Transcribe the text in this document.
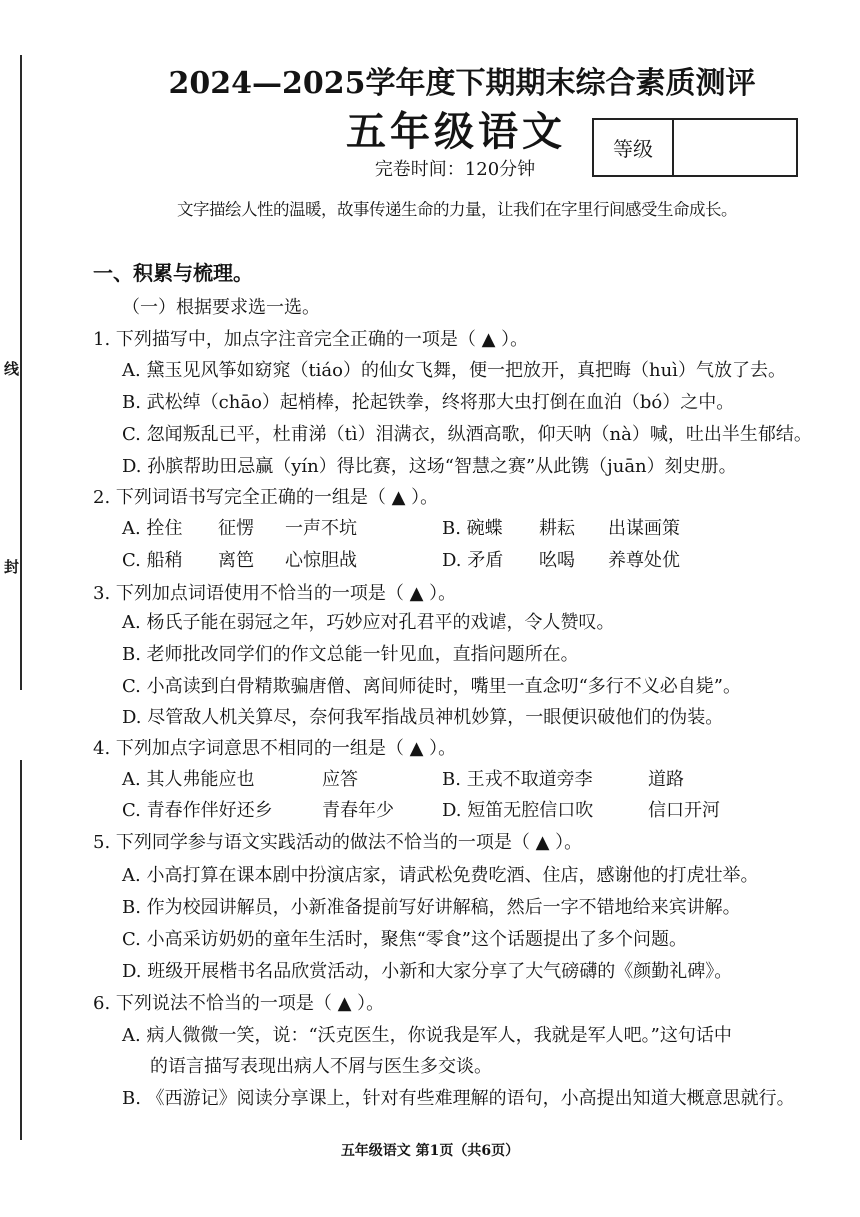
线
封
2024—2025学年度下期期末综合素质测评
五年级语文
完卷时间：120分钟
等级
文字描绘人性的温暖，故事传递生命的力量，让我们在字里行间感受生命成长。
一、积累与梳理。
（一）根据要求选一选。
1. 下列描写中，加点字注音完全正确的一项是（ ▲ ）。
A. 黛玉见风筝如窈窕（tiáo）的仙女飞舞，便一把放开，真把晦（huì）气放了去。
B. 武松绰（chāo）起梢棒，抡起铁拳，终将那大虫打倒在血泊（bó）之中。
C. 忽闻叛乱已平，杜甫涕（tì）泪满衣，纵酒高歌，仰天呐（nà）喊，吐出半生郁结。
D. 孙膑帮助田忌赢（yín）得比赛，这场“智慧之赛”从此镌（juān）刻史册。
2. 下列词语书写完全正确的一组是（ ▲ ）。
A. 拴住 征愣 一声不坑	B. 碗蝶 耕耘 出谋画策
C. 船稍 离笆 心惊胆战	D. 矛盾 吆喝 养尊处优
3. 下列加点词语使用不恰当的一项是（ ▲ ）。
A. 杨氏子能在弱冠之年，巧妙应对孔君平的戏谑，令人赞叹。
B. 老师批改同学们的作文总能一针见血，直指问题所在。
C. 小高读到白骨精欺骗唐僧、离间师徒时，嘴里一直念叨“多行不义必自毙”。
D. 尽管敌人机关算尽，奈何我军指战员神机妙算，一眼便识破他们的伪装。
4. 下列加点字词意思不相同的一组是（ ▲ ）。
A. 其人弗能应也	应答	B. 王戎不取道旁李	道路
C. 青春作伴好还乡	青春年少	D. 短笛无腔信口吹	信口开河
5. 下列同学参与语文实践活动的做法不恰当的一项是（ ▲ ）。
A. 小高打算在课本剧中扮演店家，请武松免费吃酒、住店，感谢他的打虎壮举。
B. 作为校园讲解员，小新准备提前写好讲解稿，然后一字不错地给来宾讲解。
C. 小高采访奶奶的童年生活时，聚焦“零食”这个话题提出了多个问题。
D. 班级开展楷书名品欣赏活动，小新和大家分享了大气磅礴的《颜勤礼碑》。
6. 下列说法不恰当的一项是（ ▲ ）。
A. 病人微微一笑，说：“沃克医生，你说我是军人，我就是军人吧。”这句话中
的语言描写表现出病人不屑与医生多交谈。
B. 《西游记》阅读分享课上，针对有些难理解的语句，小高提出知道大概意思就行。
五年级语文 第1页（共6页）
